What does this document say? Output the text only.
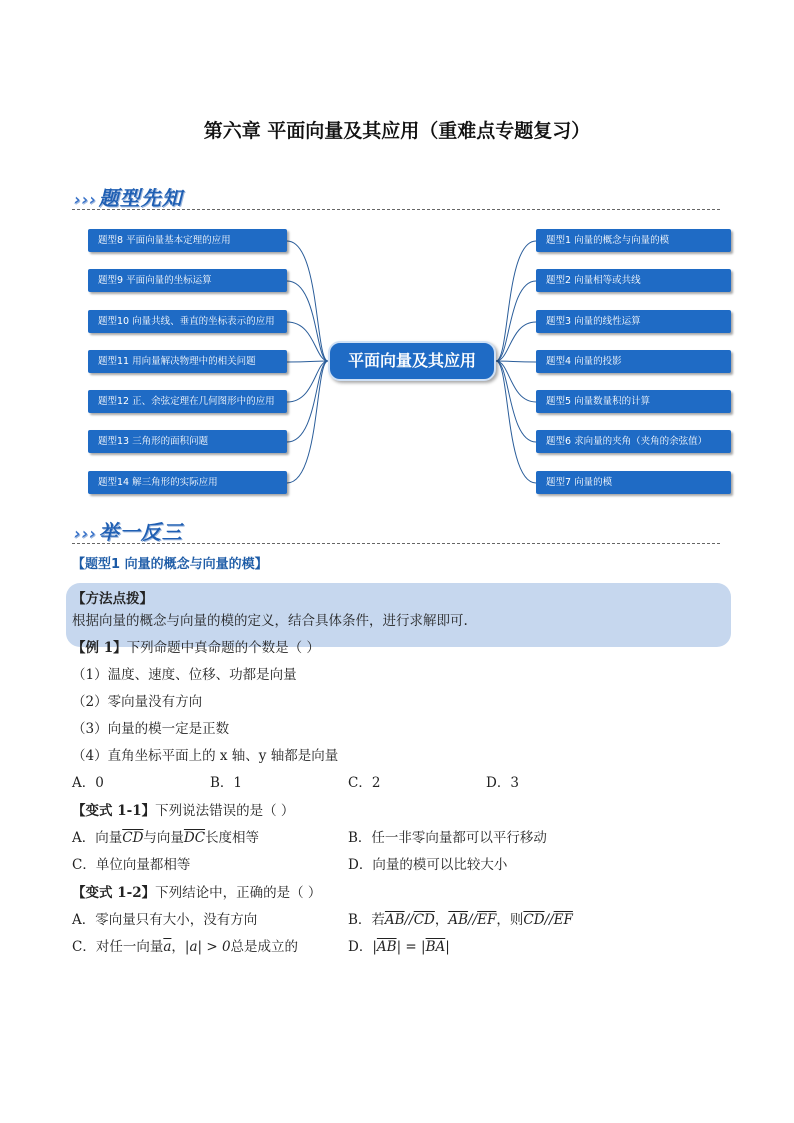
第六章 平面向量及其应用（重难点专题复习）
››› 题型先知
题型8 平面向量基本定理的应用
题型9 平面向量的坐标运算
题型10 向量共线、垂直的坐标表示的应用
题型11 用向量解决物理中的相关问题
题型12 正、余弦定理在几何图形中的应用
题型13 三角形的面积问题
题型14 解三角形的实际应用
平面向量及其应用
题型1 向量的概念与向量的模
题型2 向量相等或共线
题型3 向量的线性运算
题型4 向量的投影
题型5 向量数量积的计算
题型6 求向量的夹角（夹角的余弦值）
题型7 向量的模
››› 举一反三
【题型1 向量的概念与向量的模】
【方法点拨】
根据向量的概念与向量的模的定义，结合具体条件，进行求解即可.
【例 1】下列命题中真命题的个数是（ ）
（1）温度、速度、位移、功都是向量
（2）零向量没有方向
（3）向量的模一定是正数
（4）直角坐标平面上的 x 轴、y 轴都是向量
A．0	B．1	C．2	D．3
【变式 1-1】下列说法错误的是（ ）
A．向量$\overline{CD}$与向量$\overline{DC}$长度相等	B．任一非零向量都可以平行移动
C．单位向量都相等	D．向量的模可以比较大小
【变式 1-2】下列结论中，正确的是（ ）
A．零向量只有大小，没有方向	B．若$\overline{AB}//\overline{CD}$，$\overline{AB}//\overline{EF}$，则$\overline{CD}//\overline{EF}$
C．对任一向量$\overline{a}$，|a| > 0总是成立的	D．$|\overline{AB}| = |\overline{BA}|$
